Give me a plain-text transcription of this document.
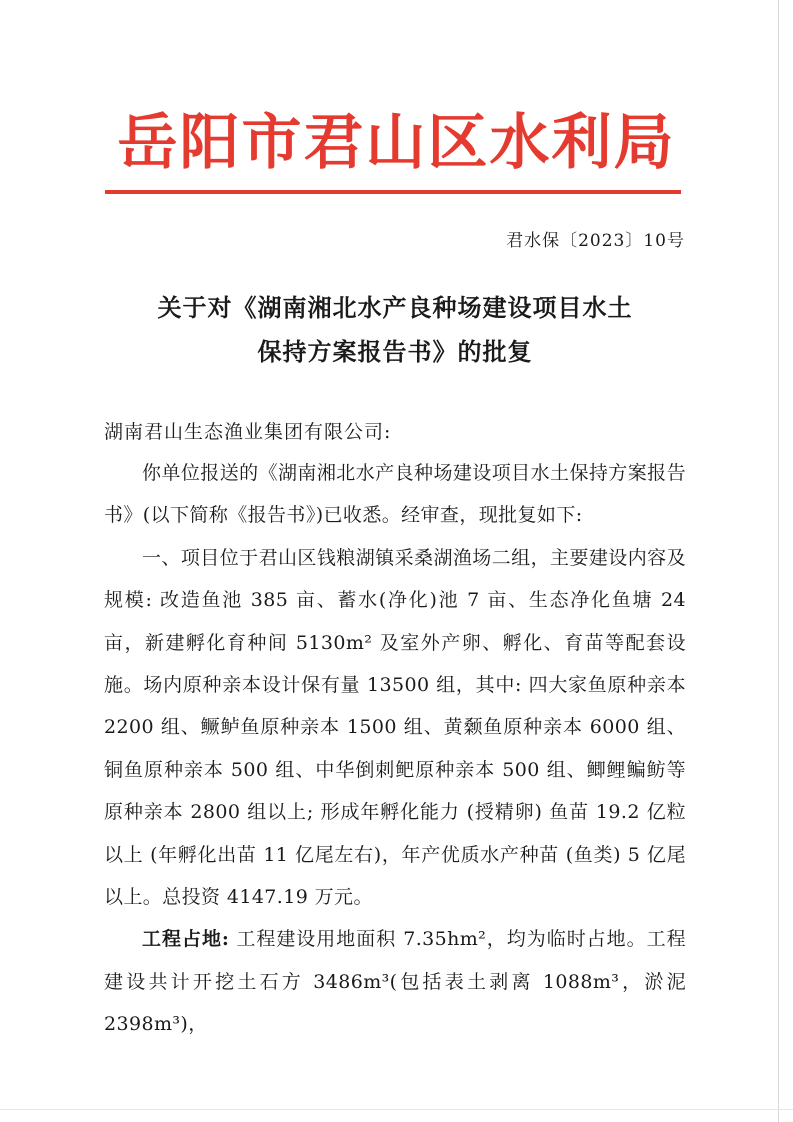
岳阳市君山区水利局
君水保〔2023〕10号
关于对《湖南湘北水产良种场建设项目水土
保持方案报告书》的批复
湖南君山生态渔业集团有限公司:

你单位报送的《湖南湘北水产良种场建设项目水土保持方案报告书》(以下简称《报告书》)已收悉。经审查，现批复如下:

一、项目位于君山区钱粮湖镇采桑湖渔场二组，主要建设内容及规模: 改造鱼池 385 亩、蓄水(净化)池 7 亩、生态净化鱼塘 24 亩，新建孵化育种间 5130m² 及室外产卵、孵化、育苗等配套设施。场内原种亲本设计保有量 13500 组，其中: 四大家鱼原种亲本 2200 组、鳜鲈鱼原种亲本 1500 组、黄颡鱼原种亲本 6000 组、铜鱼原种亲本 500 组、中华倒刺鲃原种亲本 500 组、鲫鲤鳊鲂等原种亲本 2800 组以上; 形成年孵化能力 (授精卵) 鱼苗 19.2 亿粒以上 (年孵化出苗 11 亿尾左右)，年产优质水产种苗 (鱼类) 5 亿尾以上。总投资 4147.19 万元。

工程占地: 工程建设用地面积 7.35hm²，均为临时占地。工程建设共计开挖土石方 3486m³(包括表土剥离 1088m³，淤泥 2398m³)，
